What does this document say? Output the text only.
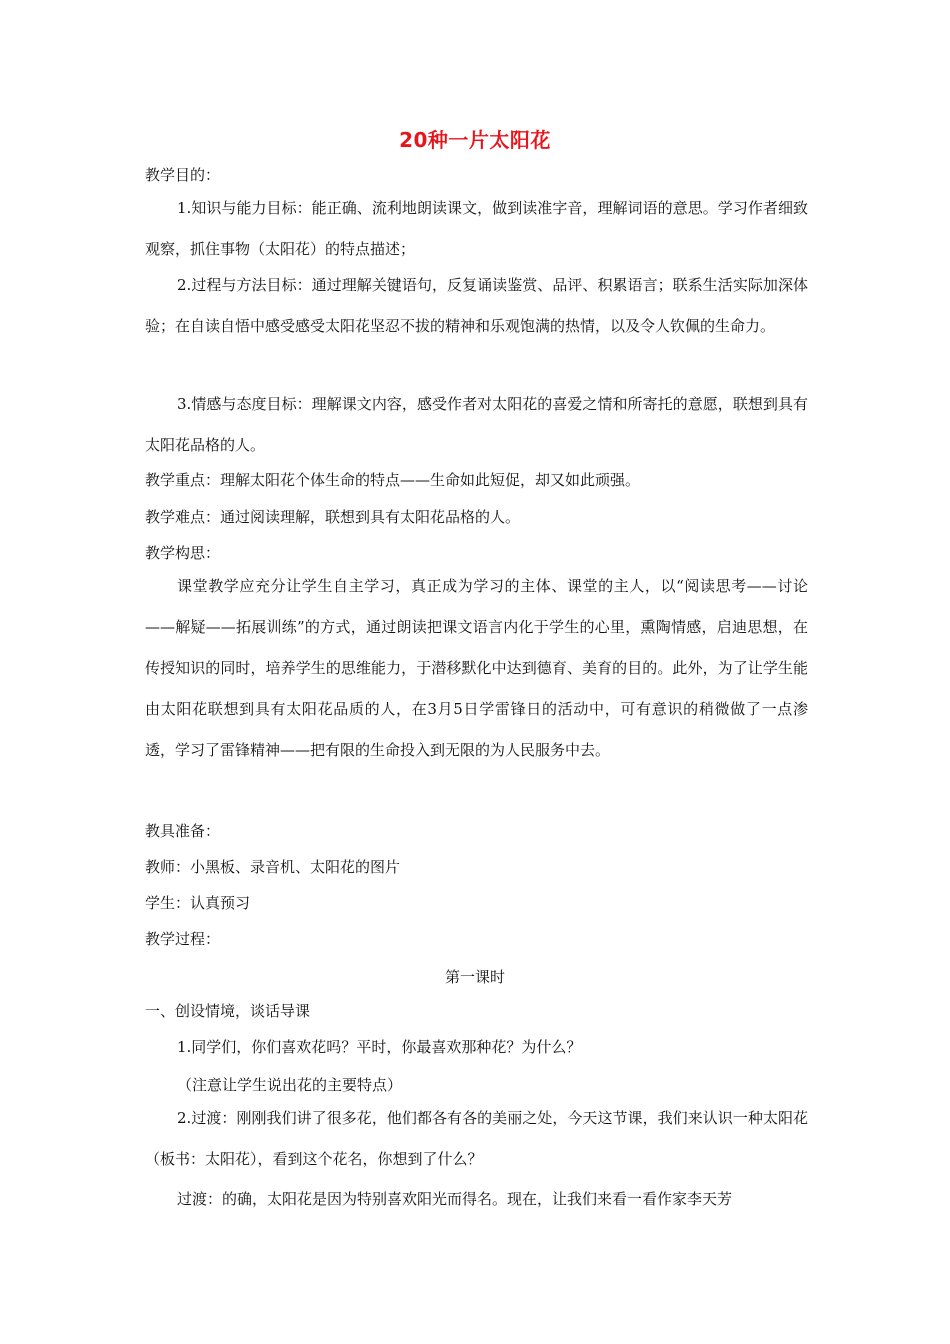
20种一片太阳花

教学目的：

1.知识与能力目标：能正确、流利地朗读课文，做到读准字音，理解词语的意思。学习作者细致观察，抓住事物（太阳花）的特点描述；

2.过程与方法目标：通过理解关键语句，反复诵读鉴赏、品评、积累语言；联系生活实际加深体验；在自读自悟中感受感受太阳花坚忍不拔的精神和乐观饱满的热情，以及令人钦佩的生命力。

3.情感与态度目标：理解课文内容，感受作者对太阳花的喜爱之情和所寄托的意愿，联想到具有太阳花品格的人。

教学重点：理解太阳花个体生命的特点——生命如此短促，却又如此顽强。

教学难点：通过阅读理解，联想到具有太阳花品格的人。

教学构思：

课堂教学应充分让学生自主学习，真正成为学习的主体、课堂的主人，以“阅读思考——讨论——解疑——拓展训练”的方式，通过朗读把课文语言内化于学生的心里，熏陶情感，启迪思想，在传授知识的同时，培养学生的思维能力，于潜移默化中达到德育、美育的目的。此外，为了让学生能由太阳花联想到具有太阳花品质的人，在3月5日学雷锋日的活动中，可有意识的稍微做了一点渗透，学习了雷锋精神——把有限的生命投入到无限的为人民服务中去。

教具准备：

教师：小黑板、录音机、太阳花的图片

学生：认真预习

教学过程：

第一课时

一、创设情境，谈话导课

1.同学们，你们喜欢花吗？平时，你最喜欢那种花？为什么？

（注意让学生说出花的主要特点）

2.过渡：刚刚我们讲了很多花，他们都各有各的美丽之处，今天这节课，我们来认识一种太阳花（板书：太阳花），看到这个花名，你想到了什么？

过渡：的确，太阳花是因为特别喜欢阳光而得名。现在，让我们来看一看作家李天芳
